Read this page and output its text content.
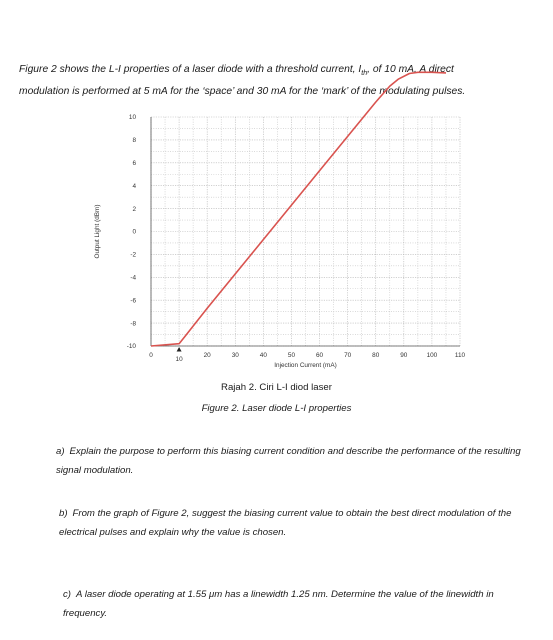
Figure 2 shows the L-I properties of a laser diode with a threshold current, $I_{th}$, of 10 mA. A direct
modulation is performed at 5 mA for the ‘space’ and 30 mA for the ‘mark’ of the modulating pulses.
10
8
6
4
2
0
-2
-4
-6
-8
-10
0	20	30	40	50	60	70	80	90	100	110
10
Injection Current (mA)
Output Light (dBm)
Rajah 2. Ciri L-I diod laser
Figure 2. Laser diode L-I properties
a) Explain the purpose to perform this biasing current condition and describe the performance of the resulting signal modulation.
b) From the graph of Figure 2, suggest the biasing current value to obtain the best direct modulation of the electrical pulses and explain why the value is chosen.
c) A laser diode operating at 1.55 μm has a linewidth 1.25 nm. Determine the value of the linewidth in frequency.
